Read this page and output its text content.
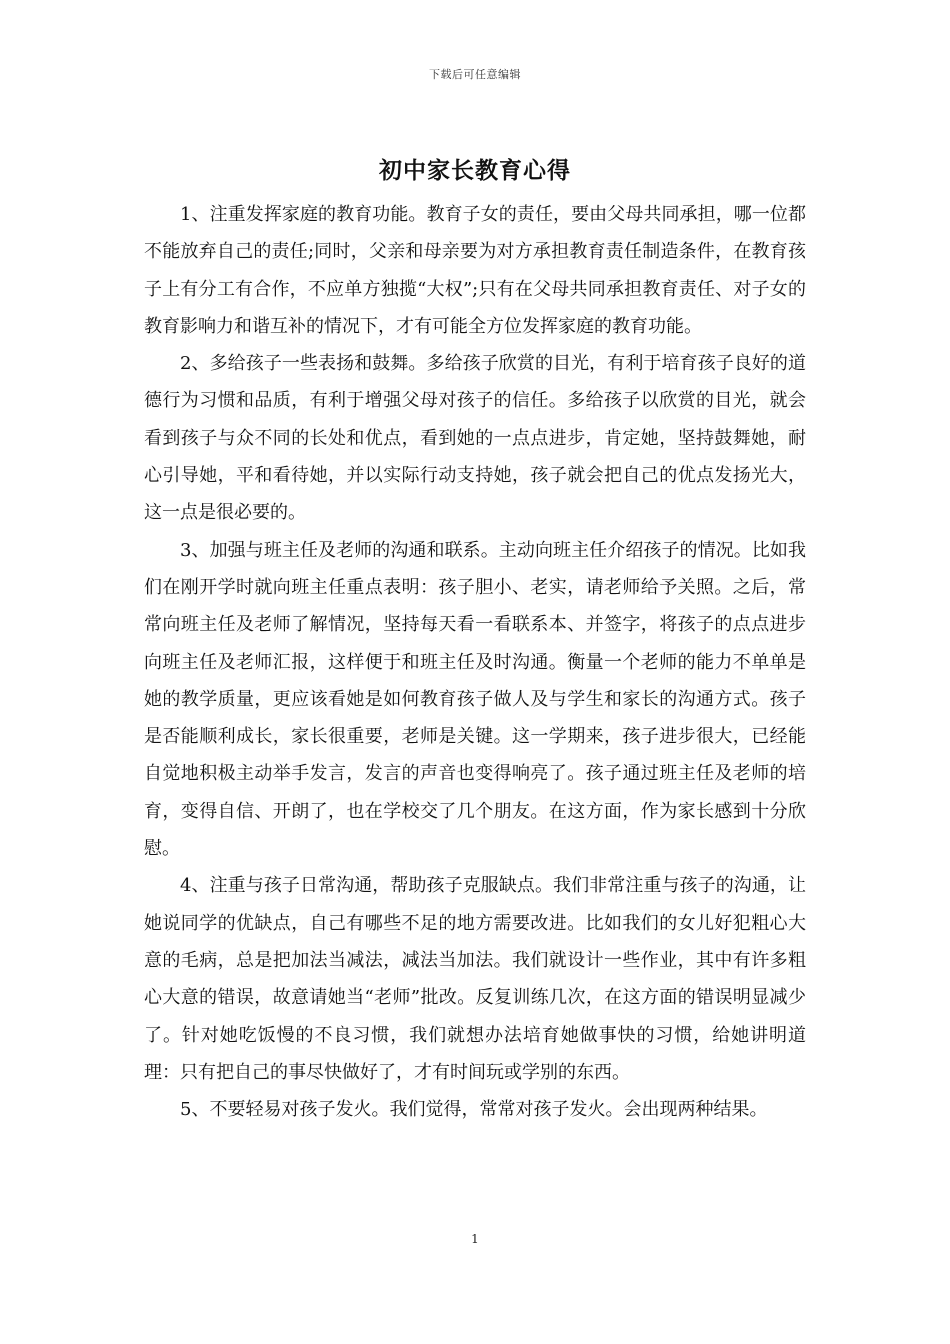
下载后可任意编辑
初中家长教育心得

1、注重发挥家庭的教育功能。教育子女的责任，要由父母共同承担，哪一位都不能放弃自己的责任;同时，父亲和母亲要为对方承担教育责任制造条件，在教育孩子上有分工有合作，不应单方独揽“大权”;只有在父母共同承担教育责任、对子女的教育影响力和谐互补的情况下，才有可能全方位发挥家庭的教育功能。

2、多给孩子一些表扬和鼓舞。多给孩子欣赏的目光，有利于培育孩子良好的道德行为习惯和品质，有利于增强父母对孩子的信任。多给孩子以欣赏的目光，就会看到孩子与众不同的长处和优点，看到她的一点点进步，肯定她，坚持鼓舞她，耐心引导她，平和看待她，并以实际行动支持她，孩子就会把自己的优点发扬光大，这一点是很必要的。

3、加强与班主任及老师的沟通和联系。主动向班主任介绍孩子的情况。比如我们在刚开学时就向班主任重点表明：孩子胆小、老实，请老师给予关照。之后，常常向班主任及老师了解情况，坚持每天看一看联系本、并签字，将孩子的点点进步向班主任及老师汇报，这样便于和班主任及时沟通。衡量一个老师的能力不单单是她的教学质量，更应该看她是如何教育孩子做人及与学生和家长的沟通方式。孩子是否能顺利成长，家长很重要，老师是关键。这一学期来，孩子进步很大，已经能自觉地积极主动举手发言，发言的声音也变得响亮了。孩子通过班主任及老师的培育，变得自信、开朗了，也在学校交了几个朋友。在这方面，作为家长感到十分欣慰。

4、注重与孩子日常沟通，帮助孩子克服缺点。我们非常注重与孩子的沟通，让她说同学的优缺点，自己有哪些不足的地方需要改进。比如我们的女儿好犯粗心大意的毛病，总是把加法当减法，减法当加法。我们就设计一些作业，其中有许多粗心大意的错误，故意请她当“老师”批改。反复训练几次，在这方面的错误明显减少了。针对她吃饭慢的不良习惯，我们就想办法培育她做事快的习惯，给她讲明道理：只有把自己的事尽快做好了，才有时间玩或学别的东西。

5、不要轻易对孩子发火。我们觉得，常常对孩子发火。会出现两种结果。

1
